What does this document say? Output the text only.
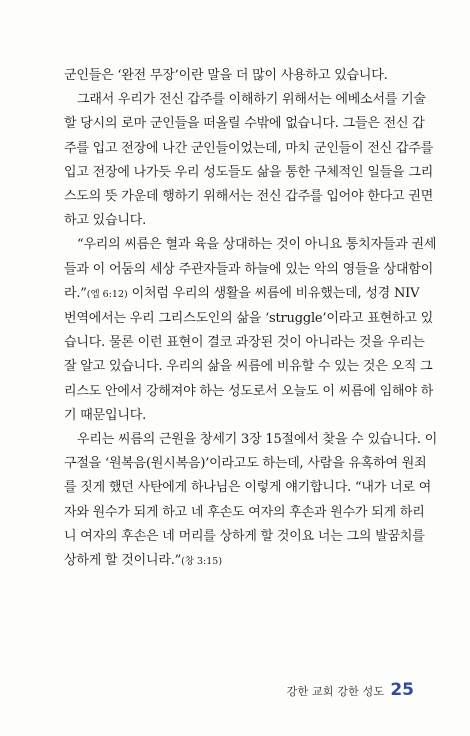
군인들은 ‘완전 무장’이란 말을 더 많이 사용하고 있습니다.
그래서 우리가 전신 갑주를 이해하기 위해서는 에베소서를 기술
할 당시의 로마 군인들을 떠올릴 수밖에 없습니다. 그들은 전신 갑
주를 입고 전장에 나간 군인들이었는데, 마치 군인들이 전신 갑주를
입고 전장에 나가듯 우리 성도들도 삶을 통한 구체적인 일들을 그리
스도의 뜻 가운데 행하기 위해서는 전신 갑주를 입어야 한다고 권면
하고 있습니다.
“우리의 씨름은 혈과 육을 상대하는 것이 아니요 통치자들과 권세
들과 이 어둠의 세상 주관자들과 하늘에 있는 악의 영들을 상대함이
라.”(엡 6:12) 이처럼 우리의 생활을 씨름에 비유했는데, 성경 NIV
번역에서는 우리 그리스도인의 삶을 ‘struggle’이라고 표현하고 있
습니다. 물론 이런 표현이 결코 과장된 것이 아니라는 것을 우리는
잘 알고 있습니다. 우리의 삶을 씨름에 비유할 수 있는 것은 오직 그
리스도 안에서 강해져야 하는 성도로서 오늘도 이 씨름에 임해야 하
기 때문입니다.
우리는 씨름의 근원을 창세기 3장 15절에서 찾을 수 있습니다. 이
구절을 ‘원복음(원시복음)’이라고도 하는데, 사람을 유혹하여 원죄
를 짓게 했던 사탄에게 하나님은 이렇게 얘기합니다. “내가 너로 여
자와 원수가 되게 하고 네 후손도 여자의 후손과 원수가 되게 하리
니 여자의 후손은 네 머리를 상하게 할 것이요 너는 그의 발꿈치를
상하게 할 것이니라.”(창 3:15)
강한 교회 강한 성도 25
